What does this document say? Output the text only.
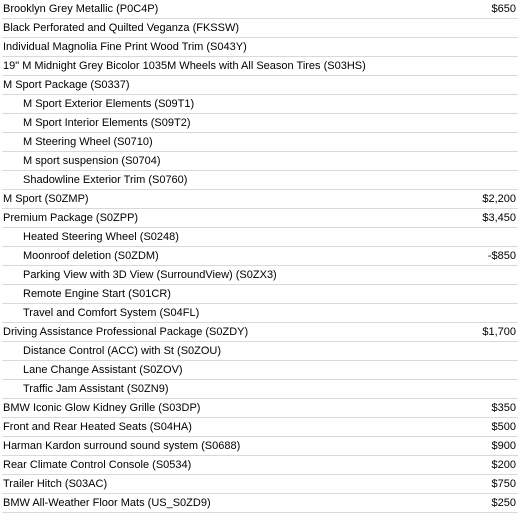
Brooklyn Grey Metallic (P0C4P)	$650
Black Perforated and Quilted Veganza (FKSSW)	
Individual Magnolia Fine Print Wood Trim (S043Y)	
19" M Midnight Grey Bicolor 1035M Wheels with All Season Tires (S03HS)	
M Sport Package (S0337)	
M Sport Exterior Elements (S09T1)	
M Sport Interior Elements (S09T2)	
M Steering Wheel (S0710)	
M sport suspension (S0704)	
Shadowline Exterior Trim (S0760)	
M Sport (S0ZMP)	$2,200
Premium Package (S0ZPP)	$3,450
Heated Steering Wheel (S0248)	
Moonroof deletion (S0ZDM)	-$850
Parking View with 3D View (SurroundView) (S0ZX3)	
Remote Engine Start (S01CR)	
Travel and Comfort System (S04FL)	
Driving Assistance Professional Package (S0ZDY)	$1,700
Distance Control (ACC) with St (S0ZOU)	
Lane Change Assistant (S0ZOV)	
Traffic Jam Assistant (S0ZN9)	
BMW Iconic Glow Kidney Grille (S03DP)	$350
Front and Rear Heated Seats (S04HA)	$500
Harman Kardon surround sound system (S0688)	$900
Rear Climate Control Console (S0534)	$200
Trailer Hitch (S03AC)	$750
BMW All-Weather Floor Mats (US_S0ZD9)	$250
